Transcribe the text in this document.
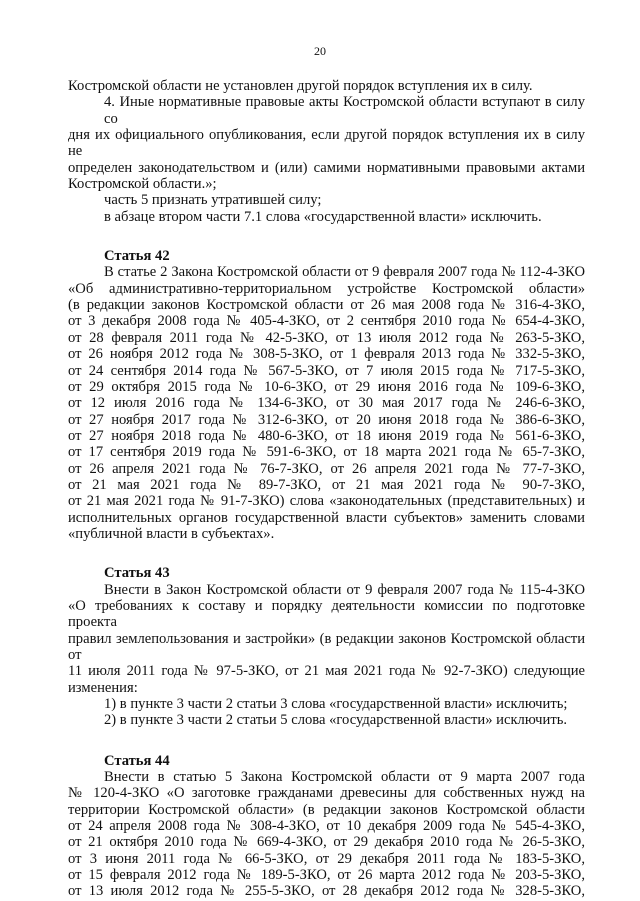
20
Костромской области не установлен другой порядок вступления их в силу.
4. Иные нормативные правовые акты Костромской области вступают в силу со
дня их официального опубликования, если другой порядок вступления их в силу не
определен законодательством и (или) самими нормативными правовыми актами
Костромской области.»;
часть 5 признать утратившей силу;
в абзаце втором части 7.1 слова «государственной власти» исключить.
Статья 42
В статье 2 Закона Костромской области от 9 февраля 2007 года № 112-4-ЗКО
«Об административно-территориальном устройстве Костромской области»
(в редакции законов Костромской области от 26 мая 2008 года № 316-4-ЗКО,
от 3 декабря 2008 года № 405-4-ЗКО, от 2 сентября 2010 года № 654-4-ЗКО,
от 28 февраля 2011 года № 42-5-ЗКО, от 13 июля 2012 года № 263-5-ЗКО,
от 26 ноября 2012 года № 308-5-ЗКО, от 1 февраля 2013 года № 332-5-ЗКО,
от 24 сентября 2014 года № 567-5-ЗКО, от 7 июля 2015 года № 717-5-ЗКО,
от 29 октября 2015 года № 10-6-ЗКО, от 29 июня 2016 года № 109-6-ЗКО,
от 12 июля 2016 года № 134-6-ЗКО, от 30 мая 2017 года № 246-6-ЗКО,
от 27 ноября 2017 года № 312-6-ЗКО, от 20 июня 2018 года № 386-6-ЗКО,
от 27 ноября 2018 года № 480-6-ЗКО, от 18 июня 2019 года № 561-6-ЗКО,
от 17 сентября 2019 года № 591-6-ЗКО, от 18 марта 2021 года № 65-7-ЗКО,
от 26 апреля 2021 года № 76-7-ЗКО, от 26 апреля 2021 года № 77-7-ЗКО,
от 21 мая 2021 года № 89-7-ЗКО, от 21 мая 2021 года № 90-7-ЗКО,
от 21 мая 2021 года № 91-7-ЗКО) слова «законодательных (представительных) и
исполнительных органов государственной власти субъектов» заменить словами
«публичной власти в субъектах».
Статья 43
Внести в Закон Костромской области от 9 февраля 2007 года № 115-4-ЗКО
«О требованиях к составу и порядку деятельности комиссии по подготовке проекта
правил землепользования и застройки» (в редакции законов Костромской области от
11 июля 2011 года № 97-5-ЗКО, от 21 мая 2021 года № 92-7-ЗКО) следующие
изменения:
1) в пункте 3 части 2 статьи 3 слова «государственной власти» исключить;
2) в пункте 3 части 2 статьи 5 слова «государственной власти» исключить.
Статья 44
Внести в статью 5 Закона Костромской области от 9 марта 2007 года
№ 120-4-ЗКО «О заготовке гражданами древесины для собственных нужд на
территории Костромской области» (в редакции законов Костромской области
от 24 апреля 2008 года № 308-4-ЗКО, от 10 декабря 2009 года № 545-4-ЗКО,
от 21 октября 2010 года № 669-4-ЗКО, от 29 декабря 2010 года № 26-5-ЗКО,
от 3 июня 2011 года № 66-5-ЗКО, от 29 декабря 2011 года № 183-5-ЗКО,
от 15 февраля 2012 года № 189-5-ЗКО, от 26 марта 2012 года № 203-5-ЗКО,
от 13 июля 2012 года № 255-5-ЗКО, от 28 декабря 2012 года № 328-5-ЗКО,
